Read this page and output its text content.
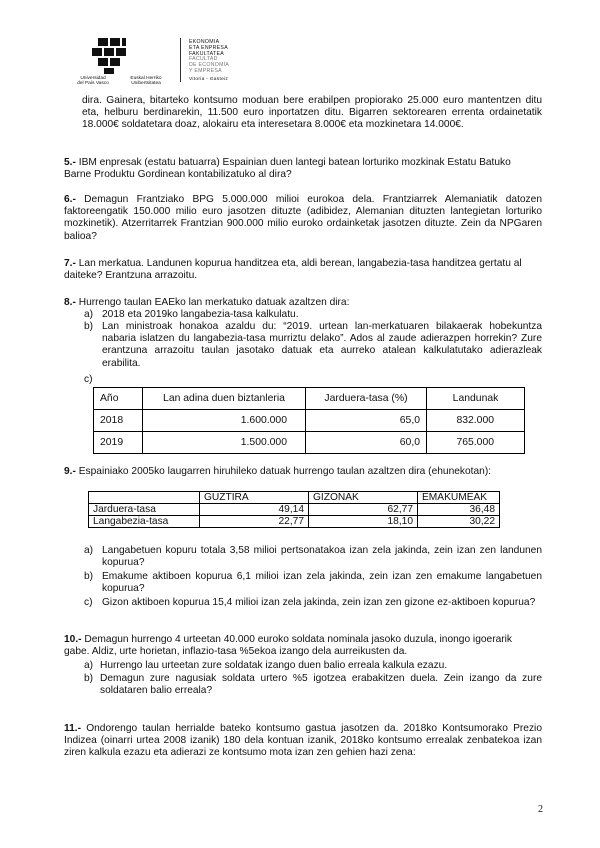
Universidad
del País Vasco
Euskal Herriko
Unibertsitatea
EKONOMIA
ETA ENPRESA
FAKULTATEA
FACULTAD
DE ECONOMÍA
Y EMPRESA
Vitoria - Gasteiz

dira. Gainera, bitarteko kontsumo moduan bere erabilpen propiorako 25.000 euro mantentzen ditu eta, helburu berdinarekin, 11.500 euro inportatzen ditu. Bigarren sektorearen errenta ordainetatik 18.000€ soldatetara doaz, alokairu eta interesetara 8.000€ eta mozkinetara 14.000€.

5.- IBM enpresak (estatu batuarra) Espainian duen lantegi batean lorturiko mozkinak Estatu Batuko Barne Produktu Gordinean kontabilizatuko al dira?
6.- Demagun Frantziako BPG 5.000.000 milioi eurokoa dela. Frantziarrek Alemaniatik datozen faktoreengatik 150.000 milio euro jasotzen dituzte (adibidez, Alemanian dituzten lantegietan lorturiko mozkinetik). Atzerritarrek Frantzian 900.000 milio euroko ordainketak jasotzen dituzte. Zein da NPGaren balioa?
7.- Lan merkatua. Landunen kopurua handitzea eta, aldi berean, langabezia-tasa handitzea gertatu al daiteke? Erantzuna arrazoitu.
8.- Hurrengo taulan EAEko lan merkatuko datuak azaltzen dira:
a) 2018 eta 2019ko langabezia-tasa kalkulatu.
b) Lan ministroak honakoa azaldu du: “2019. urtean lan-merkatuaren bilakaerak hobekuntza nabaria islatzen du langabezia-tasa murriztu delako”. Ados al zaude adierazpen horrekin? Zure erantzuna arrazoitu taulan jasotako datuak eta aurreko atalean kalkulatutako adierazleak erabilita.
c)
Año	Lan adina duen biztanleria	Jarduera-tasa (%)	Landunak
2018	1.600.000	65,0	832.000
2019	1.500.000	60,0	765.000
9.- Espainiako 2005ko laugarren hiruhileko datuak hurrengo taulan azaltzen dira (ehunekotan):
	GUZTIRA	GIZONAK	EMAKUMEAK
Jarduera-tasa	49,14	62,77	36,48
Langabezia-tasa	22,77	18,10	30,22
a) Langabetuen kopuru totala 3,58 milioi pertsonatakoa izan zela jakinda, zein izan zen landunen kopurua?
b) Emakume aktiboen kopurua 6,1 milioi izan zela jakinda, zein izan zen emakume langabetuen kopurua?
c) Gizon aktiboen kopurua 15,4 milioi izan zela jakinda, zein izan zen gizone ez-aktiboen kopurua?
10.- Demagun hurrengo 4 urteetan 40.000 euroko soldata nominala jasoko duzula, inongo igoerarik gabe. Aldiz, urte horietan, inflazio-tasa %5ekoa izango dela aurreikusten da.
a) Hurrengo lau urteetan zure soldatak izango duen balio erreala kalkula ezazu.
b) Demagun zure nagusiak soldata urtero %5 igotzea erabakitzen duela. Zein izango da zure soldataren balio erreala?
11.- Ondorengo taulan herrialde bateko kontsumo gastua jasotzen da. 2018ko Kontsumorako Prezio Indizea (oinarri urtea 2008 izanik) 180 dela kontuan izanik, 2018ko kontsumo errealak zenbatekoa izan ziren kalkula ezazu eta adierazi ze kontsumo mota izan zen gehien hazi zena:
2
